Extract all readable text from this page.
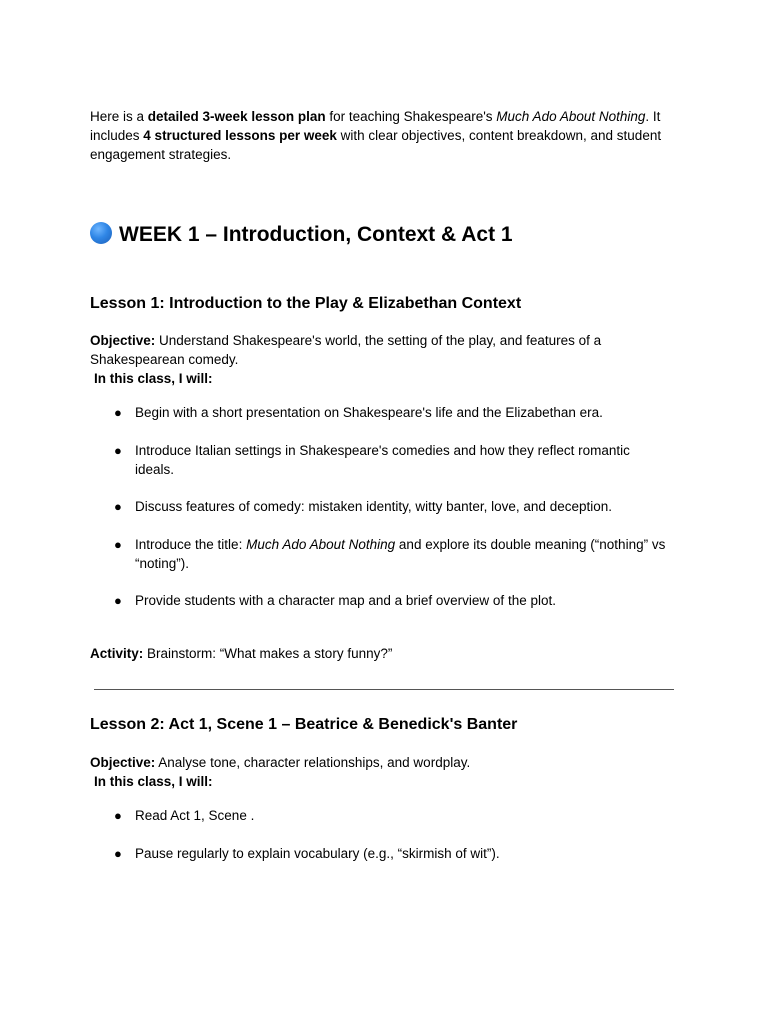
Here is a detailed 3-week lesson plan for teaching Shakespeare's Much Ado About Nothing. It includes 4 structured lessons per week with clear objectives, content breakdown, and student engagement strategies.

WEEK 1 – Introduction, Context & Act 1
Lesson 1: Introduction to the Play & Elizabethan Context

Objective: Understand Shakespeare's world, the setting of the play, and features of a Shakespearean comedy.

In this class, I will:
● Begin with a short presentation on Shakespeare's life and the Elizabethan era.
● Introduce Italian settings in Shakespeare's comedies and how they reflect romantic ideals.
● Discuss features of comedy: mistaken identity, witty banter, love, and deception.
● Introduce the title: Much Ado About Nothing and explore its double meaning (“nothing” vs “noting”).
● Provide students with a character map and a brief overview of the plot.

Activity: Brainstorm: “What makes a story funny?”

Lesson 2: Act 1, Scene 1 – Beatrice & Benedick's Banter

Objective: Analyse tone, character relationships, and wordplay.

In this class, I will:
● Read Act 1, Scene .
● Pause regularly to explain vocabulary (e.g., “skirmish of wit”).
